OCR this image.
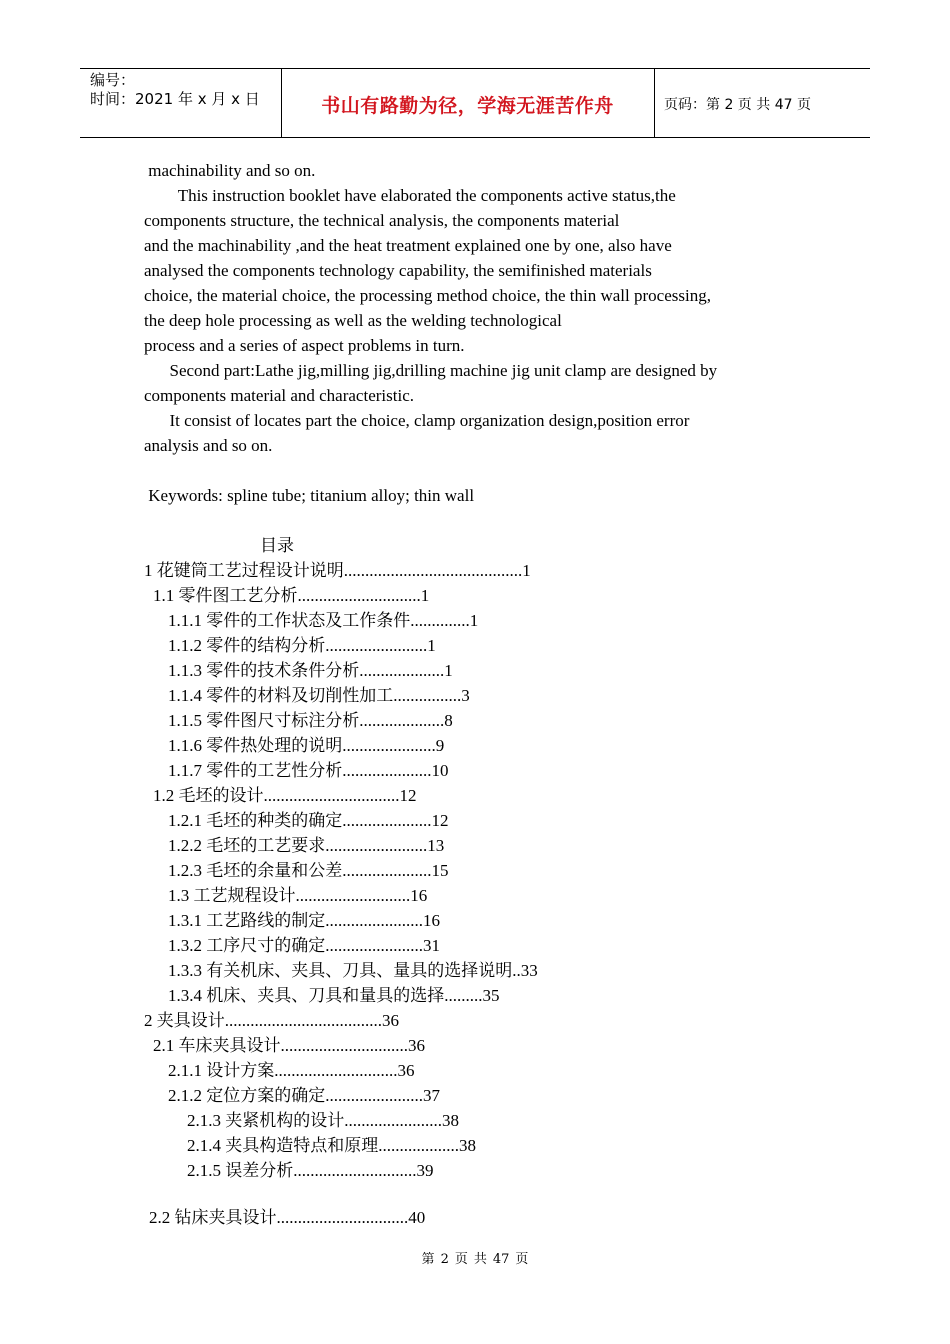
编号：
时间：2021 年 x 月 x 日	书山有路勤为径，学海无涯苦作舟	页码：第 2 页 共 47 页
machinability and so on.
This instruction booklet have elaborated the components active status,the
components structure, the technical analysis, the components material
and the machinability ,and the heat treatment explained one by one, also have
analysed the components technology capability, the semifinished materials
choice, the material choice, the processing method choice, the thin wall processing,
the deep hole processing as well as the welding technological
process and a series of aspect problems in turn.
Second part:Lathe jig,milling jig,drilling machine jig unit clamp are designed by
components material and characteristic.
It consist of locates part the choice, clamp organization design,position error
analysis and so on.
Keywords: spline tube; titanium alloy; thin wall
目录
1 花键筒工艺过程设计说明..........................................1
1.1 零件图工艺分析.............................1
1.1.1 零件的工作状态及工作条件..............1
1.1.2 零件的结构分析........................1
1.1.3 零件的技术条件分析....................1
1.1.4 零件的材料及切削性加工................3
1.1.5 零件图尺寸标注分析....................8
1.1.6 零件热处理的说明......................9
1.1.7 零件的工艺性分析.....................10
1.2 毛坯的设计................................12
1.2.1 毛坯的种类的确定.....................12
1.2.2 毛坯的工艺要求........................13
1.2.3 毛坯的余量和公差.....................15
1.3 工艺规程设计...........................16
1.3.1 工艺路线的制定.......................16
1.3.2 工序尺寸的确定.......................31
1.3.3 有关机床、夹具、刀具、量具的选择说明..33
1.3.4 机床、夹具、刀具和量具的选择.........35
2 夹具设计.....................................36
2.1 车床夹具设计..............................36
2.1.1 设计方案.............................36
2.1.2 定位方案的确定.......................37
2.1.3 夹紧机构的设计.......................38
2.1.4 夹具构造特点和原理...................38
2.1.5 误差分析.............................39
2.2 钻床夹具设计...............................40
第 2 页 共 47 页
